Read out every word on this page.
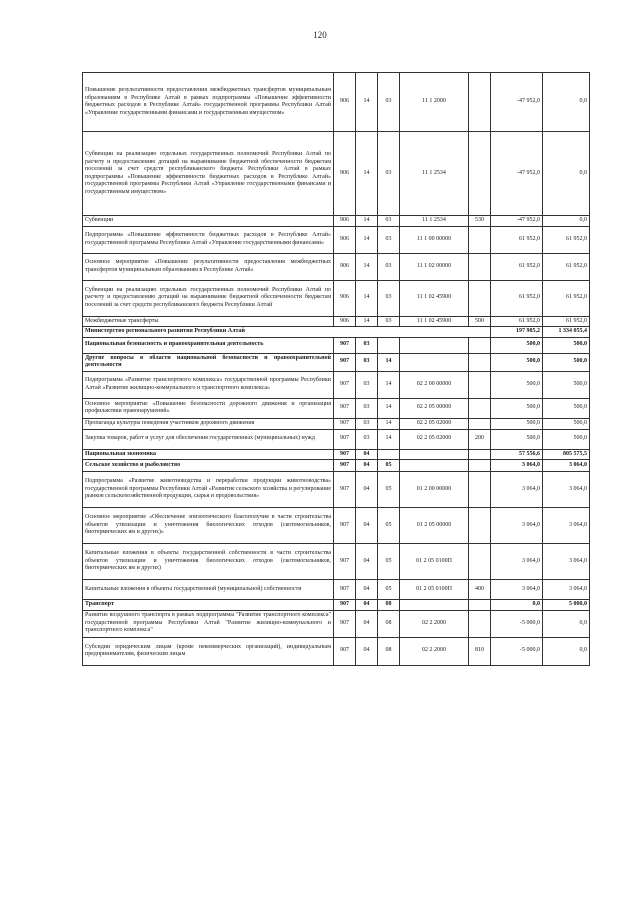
120
Повышение результативности предоставления межбюджетных трансфертов муниципальным образованиям в Республике Алтай в рамках подпрограммы «Повышение эффективности бюджетных расходов в Республике Алтай» государственной программы Республики Алтай «Управление государственными финансами и государственным имуществом»	906	14	03	11 1 2000		-47 952,0	0,0
Субвенции на реализацию отдельных государственных полномочий Республики Алтай по расчету и предоставлению дотаций на выравнивание бюджетной обеспеченности бюджетам поселений за счет средств республиканского бюджета Республики Алтай в рамках подпрограммы «Повышение эффективности бюджетных расходов в Республике Алтай» государственной программы Республики Алтай «Управление государственными финансами и государственным имуществом»	906	14	03	11 1 2534		-47 952,0	0,0
Субвенции	906	14	03	11 1 2534	530	-47 952,0	0,0
Подпрограмма «Повышение эффективности бюджетных расходов в Республике Алтай» государственной программы Республики Алтай «Управление государственными финансами»	906	14	03	11 1 00 00000		61 952,0	61 952,0
Основное мероприятие «Повышение результативности предоставления межбюджетных трансфертов муниципальным образованиям в Республике Алтай»	906	14	03	11 1 02 00000		61 952,0	61 952,0
Субвенции на реализацию отдельных государственных полномочий Республики Алтай по расчету и предоставлению дотаций на выравнивание бюджетной обеспеченности бюджетам поселений за счет средств республиканского бюджета Республики Алтай	906	14	03	11 1 02 45900		61 952,0	61 952,0
Межбюджетные трансферты	906	14	03	11 1 02 45900	500	61 952,0	61 952,0
Министерство регионального развития Республики Алтай						197 985,2	1 334 055,4
Национальная безопасность и правоохранительная деятельность	907	03				500,0	500,0
Другие вопросы в области национальной безопасности и правоохранительной деятельности	907	03	14			500,0	500,0
Подпрограмма «Развитие транспортного комплекса» государственной программы Республики Алтай «Развитие жилищно-коммунального и транспортного комплекса»	907	03	14	02 2 00 00000		500,0	500,0
Основное мероприятие «Повышение безопасности дорожного движения и организация профилактики правонарушений»	907	03	14	02 2 05 00000		500,0	500,0
Пропаганда культуры поведения участников дорожного движения	907	03	14	02 2 05 02000		500,0	500,0
Закупка товаров, работ и услуг для обеспечения государственных (муниципальных) нужд	907	03	14	02 2 05 02000	200	500,0	500,0
Национальная экономика	907	04				57 556,6	805 575,5
Сельское хозяйство и рыболовство	907	04	05			3 064,0	3 064,0
Подпрограмма «Развитие животноводства и переработки продукции животноводства» государственной программы Республики Алтай «Развитие сельского хозяйства и регулирование рынков сельскохозяйственной продукции, сырья и продовольствия»	907	04	05	01 2 00 00000		3 064,0	3 064,0
Основное мероприятие «Обеспечение эпизоотического благополучия в части строительства объектов утилизации и уничтожения биологических отходов (скотомогильников, биотермических ям и других)»	907	04	05	01 2 05 00000		3 064,0	3 064,0
Капитальные вложения в объекты государственной собственности в части строительства объектов утилизации и уничтожения биологических отходов (скотомогильников, биотермических ям и других)	907	04	05	01 2 05 0100П		3 064,0	3 064,0
Капитальные вложения в объекты государственной (муниципальной) собственности	907	04	05	01 2 05 0100П	400	3 064,0	3 064,0
Транспорт	907	04	08			0,0	5 000,0
Развитие воздушного транспорта в рамках подпрограммы "Развитие транспортного комплекса" государственной программы Республики Алтай "Развитие жилищно-коммунального и транспортного комплекса"	907	04	08	02 2 2000		-5 000,0	0,0
Субсидии юридическим лицам (кроме некоммерческих организаций), индивидуальным предпринимателям, физическим лицам	907	04	08	02 2 2000	810	-5 000,0	0,0
